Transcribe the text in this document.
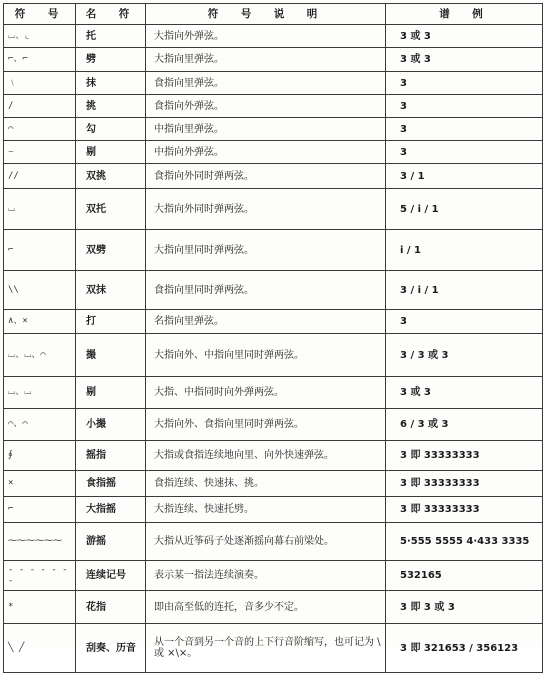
符　号	名　符	符　号　说　明	谱　例
⌴、⌞	托	大指向外弹弦。	3 或 3
⌐、⌐	劈	大指向里弹弦。	3 或 3
﹨	抹	食指向里弹弦。	3
∕	挑	食指向外弹弦。	3
⌒	勾	中指向里弹弦。	3
⌣	剔	中指向外弹弦。	3
//	双挑	食指向外同时弹两弦。	3 / 1
⌴	双托	大指向外同时弹两弦。	5 / i / 1
⌐	双劈	大指向里同时弹两弦。	i / 1
\\	双抹	食指向里同时弹两弦。	3 / i / 1
∧、×	打	名指向里弹弦。	3
⌴、⌴、⌒	撮	大指向外、中指向里同时弹两弦。	3 / 3 或 3
⌴、⌴	剔	大指、中指同时向外弹两弦。	3 或 3
⌒、⌒	小撮	大指向外、食指向里同时弹两弦。	6 / 3 或 3
∮	摇指	大指或食指连续地向里、向外快速弹弦。	3 即 33333333
×	食指摇	食指连续、快速抹、挑。	3 即 33333333
⌐	大指摇	大指连续、快速托劈。	3 即 33333333
⁓⁓⁓⁓⁓⁓	游摇	大指从近筝码子处逐渐摇向幕右前梁处。	5·555 5555 4·433 3335
- - - - - - -	连续记号	表示某一指法连续演奏。	532165
*	花指	即由高至低的连托，音多少不定。	3 即 3 或 3
╲ ╱	刮奏、历音	从一个音到另一个音的上下行音阶缩写，也可记为 \ 或 ×\×。	3 即 321653 / 356123
